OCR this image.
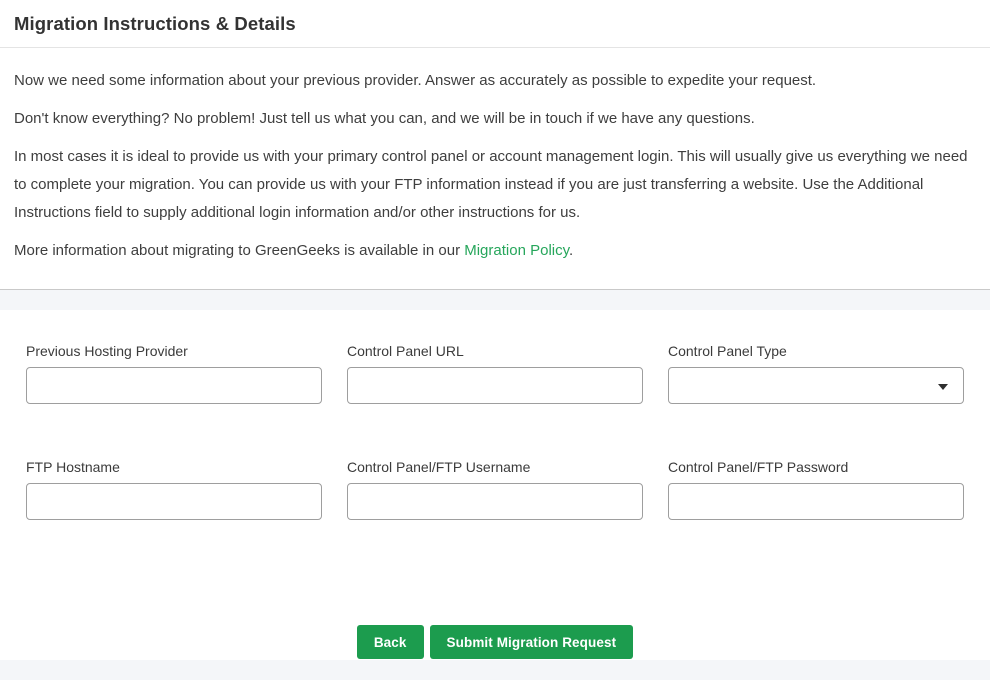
Migration Instructions & Details

Now we need some information about your previous provider. Answer as accurately as possible to expedite your request.

Don't know everything? No problem! Just tell us what you can, and we will be in touch if we have any questions.

In most cases it is ideal to provide us with your primary control panel or account management login. This will usually give us everything we need to complete your migration. You can provide us with your FTP information instead if you are just transferring a website. Use the Additional Instructions field to supply additional login information and/or other instructions for us.

More information about migrating to GreenGeeks is available in our Migration Policy.

Previous Hosting Provider	Control Panel URL	Control Panel Type
FTP Hostname	Control Panel/FTP Username	Control Panel/FTP Password
Back	Submit Migration Request
